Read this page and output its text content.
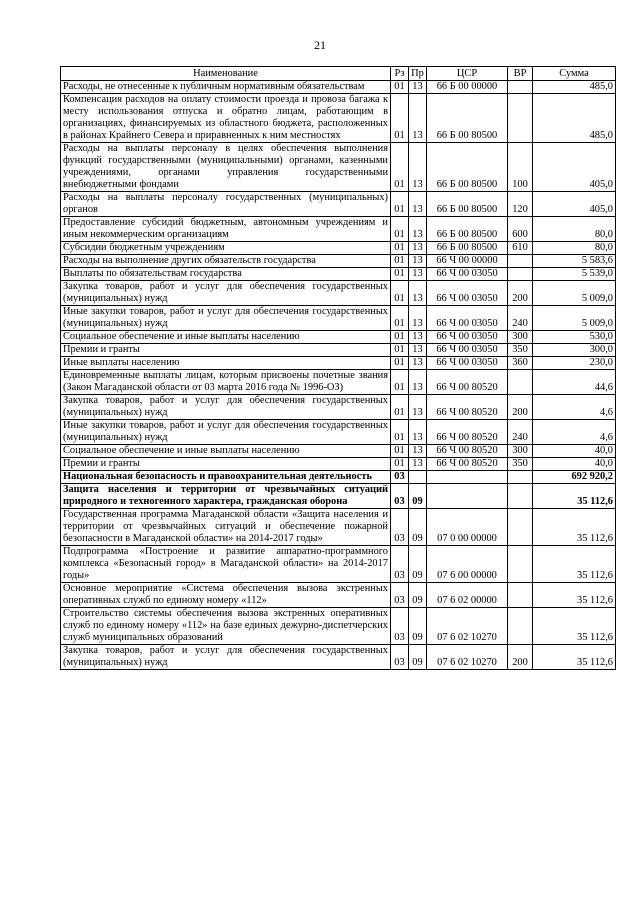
21
Наименование	Рз	Пр	ЦСР	ВР	Сумма
Расходы, не отнесенные к публичным нормативным обязательствам	01	13	66 Б 00 00000		485,0
Компенсация расходов на оплату стоимости проезда и провоза багажа к месту использования отпуска и обратно лицам, работающим в организациях, финансируемых из областного бюджета, расположенных в районах Крайнего Севера и приравненных к ним местностях	01	13	66 Б 00 80500		485,0
Расходы на выплаты персоналу в целях обеспечения выполнения функций государственными (муниципальными) органами, казенными учреждениями, органами управления государственными внебюджетными фондами	01	13	66 Б 00 80500	100	405,0
Расходы на выплаты персоналу государственных (муниципальных) органов	01	13	66 Б 00 80500	120	405,0
Предоставление субсидий бюджетным, автономным учреждениям и иным некоммерческим организациям	01	13	66 Б 00 80500	600	80,0
Субсидии бюджетным учреждениям	01	13	66 Б 00 80500	610	80,0
Расходы на выполнение других обязательств государства	01	13	66 Ч 00 00000		5 583,6
Выплаты по обязательствам государства	01	13	66 Ч 00 03050		5 539,0
Закупка товаров, работ и услуг для обеспечения государственных (муниципальных) нужд	01	13	66 Ч 00 03050	200	5 009,0
Иные закупки товаров, работ и услуг для обеспечения государственных (муниципальных) нужд	01	13	66 Ч 00 03050	240	5 009,0
Социальное обеспечение и иные выплаты населению	01	13	66 Ч 00 03050	300	530,0
Премии и гранты	01	13	66 Ч 00 03050	350	300,0
Иные выплаты населению	01	13	66 Ч 00 03050	360	230,0
Единовременные выплаты лицам, которым присвоены почетные звания (Закон Магаданской области от 03 марта 2016 года № 1996-ОЗ)	01	13	66 Ч 00 80520		44,6
Закупка товаров, работ и услуг для обеспечения государственных (муниципальных) нужд	01	13	66 Ч 00 80520	200	4,6
Иные закупки товаров, работ и услуг для обеспечения государственных (муниципальных) нужд	01	13	66 Ч 00 80520	240	4,6
Социальное обеспечение и иные выплаты населению	01	13	66 Ч 00 80520	300	40,0
Премии и гранты	01	13	66 Ч 00 80520	350	40,0
Национальная безопасность и правоохранительная деятельность	03				692 920,2
Защита населения и территории от чрезвычайных ситуаций природного и техногенного характера, гражданская оборона	03	09			35 112,6
Государственная программа Магаданской области «Защита населения и территории от чрезвычайных ситуаций и обеспечение пожарной безопасности в Магаданской области» на 2014-2017 годы»	03	09	07 0 00 00000		35 112,6
Подпрограмма «Построение и развитие аппаратно-программного комплекса «Безопасный город» в Магаданской области» на 2014-2017 годы»	03	09	07 6 00 00000		35 112,6
Основное мероприятие «Система обеспечения вызова экстренных оперативных служб по единому номеру «112»	03	09	07 6 02 00000		35 112,6
Строительство системы обеспечения вызова экстренных оперативных служб по единому номеру «112» на базе единых дежурно-диспетчерских служб муниципальных образований	03	09	07 6 02 10270		35 112,6
Закупка товаров, работ и услуг для обеспечения государственных (муниципальных) нужд	03	09	07 6 02 10270	200	35 112,6
